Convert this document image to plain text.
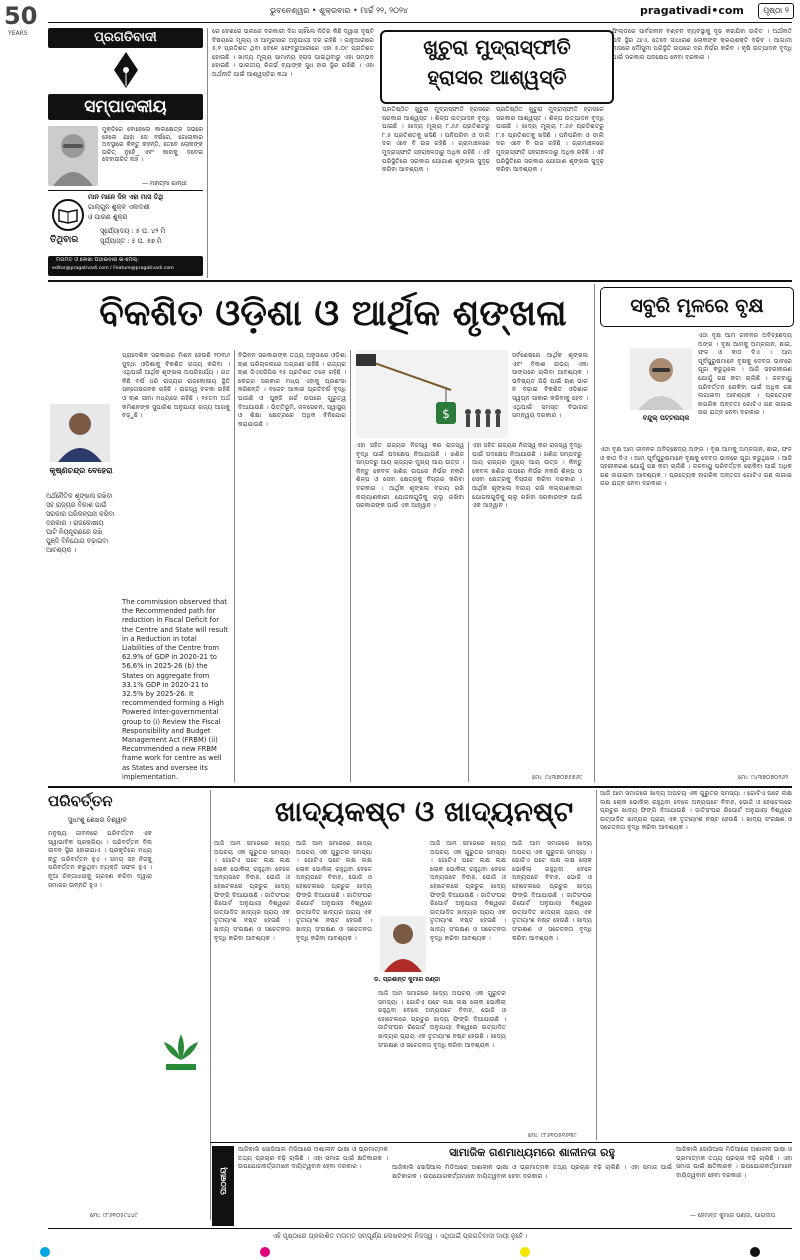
50
YEARS
ଭୁବନେଶ୍ୱର • ଶୁକ୍ରବାର • ମାର୍ଚ୍ଚ ୨୨, ୨୦୨୪	pragativadi•com	ପୃଷ୍ଠା ୨
ପ୍ରଗତିବାଦୀ
ସମ୍ପାଦକୀୟ
ମୁକ୍ତିରେ ବୋହେଲେ କାଲକ୍ଷେତ୍ର ସଭରେ ହେଲେ ଯାହା ସେ ବର୍ଷରେ, ଗୋଲାକାର ଅବସ୍ଥାରେ କିନ୍ତୁ କହନ୍ତି, ତେବେ ଲୋକଙ୍କ ଉଚିତ୍‌ ନୁହେଁ ଏବଂ କାହାକୁ ଦବେଇ ଦେବାଉଚିତ ନାହିଁ ।
— ମହାତ୍ମା ଗାନ୍ଧୀ
ମାନ ମାନେ ଦିନ ଏହା ମାସ ତିଥି
ଗାଲ୍ଗୁନ ଶୁକ୍ଳ ଏକାଦଶୀ
ଓ ପାରଣ ଶୁକ୍ର
ତିଥିବାର
ସୂର୍ଯ୍ୟୋଦୟ : ୫ ଘ. ୪୨ ମି
ସୂର୍ଯ୍ୟାସ୍ତ : ୫ ଘ. ୫୭ ମି
ମତାମତ ଓ ଲେଖା ପଠାଇବାର ଇ-ମେଲ୍:
editor@pragativadi.com / Feature@pragativadi.com
ଖୁଚୁରା ମୁଦ୍ରାସ୍ଫୀତି
ହ୍ରାସର ଆଶ୍ୱସ୍ତି
ରେ ଦେଶରେ ଭଲରେ ଦରକାରୀ ଦିଗ ଚାହିଁଲେ ନିତିର କିଛି ଦ୍ୱାରା ଦୃଷ୍ଟି ବିଷୟରେ ମୂଲ୍ୟ ଓ ଆମ୍ପ୍ରସାର ଅନୁଯାୟୀ ଦର ରହିଛି । ଜାନୁଆରୀରେ ୫.୧ ପ୍ରତିଶତ ଥିବା ବେଳେ ଫେବ୍ରୁଆରୀରେ ଏହା ୫.୦୯ ପ୍ରତିଶତ ହୋଇଛି । ଖାଦ୍ୟ ମୂଲ୍ୟ ସାମାନ୍ୟ ହ୍ରାସ ପାଇଥିବାରୁ ଏହା ସମ୍ଭବ ହୋଇଛି । ଭାରତୀୟ ରିଜର୍ଭ ବ୍ୟାଙ୍କ ସୁଧ ହାର ସ୍ଥିର ରଖିଛି । ଏହା ଅର୍ଥନୀତି ପାଇଁ ଆଶ୍ୱସ୍ତିର କଥା ।
ପ୍ରତିଷ୍ଠିତ ଖୁଚୁରା ମୁଦ୍ରାସ୍ଫୀତି ହ୍ରାସରେ ସରକାର ଆଶ୍ୱସ୍ତ । ଶିଳ୍ପ ଉତ୍ପାଦନ ବୃଦ୍ଧି ପାଇଛି । ଖାଦ୍ୟ ମୂଲ୍ୟ ୮.୬୬ ପ୍ରତିଶତରୁ ୮.୫ ପ୍ରତିଶତକୁ ଖସିଛି । ପନିପରିବା ଓ ଡାଲି ଦର ଏବେ ବି ଉଚ୍ଚ ରହିଛି । ଗ୍ରାମାଞ୍ଚଳରେ ମୁଦ୍ରାସ୍ଫୀତି ସହରାଞ୍ଚଳଠାରୁ ଅଧିକ ରହିଛି । ଏହି ପରିସ୍ଥିତିରେ ସରକାର ଯୋଗାଣ ଶୃଙ୍ଖଳା ସୁଦୃଢ଼ କରିବା ଆବଶ୍ୟକ ।
ପ୍ରତିଷ୍ଠିତ ଖୁଚୁରା ମୁଦ୍ରାସ୍ଫୀତି ହ୍ରାସରେ ସରକାର ଆଶ୍ୱସ୍ତ । ଶିଳ୍ପ ଉତ୍ପାଦନ ବୃଦ୍ଧି ପାଇଛି । ଖାଦ୍ୟ ମୂଲ୍ୟ ୮.୬୬ ପ୍ରତିଶତରୁ ୮.୫ ପ୍ରତିଶତକୁ ଖସିଛି । ପନିପରିବା ଓ ଡାଲି ଦର ଏବେ ବି ଉଚ୍ଚ ରହିଛି । ଗ୍ରାମାଞ୍ଚଳରେ ମୁଦ୍ରାସ୍ଫୀତି ସହରାଞ୍ଚଳଠାରୁ ଅଧିକ ରହିଛି । ଏହି ପରିସ୍ଥିତିରେ ସରକାର ଯୋଗାଣ ଶୃଙ୍ଖଳା ସୁଦୃଢ଼ କରିବା ଆବଶ୍ୟକ ।
ଫିଲ୍ଡରେ ସାର୍ବଜନୀନ ବଣ୍ଟନ ବ୍ୟବସ୍ଥାକୁ ଦୃଢ଼ କରାଯିବା ଉଚିତ । ଅର୍ଥନୀତି ଯଦି ସ୍ଥିର ଥାଏ, ତେବେ ସାଧାରଣ ଲୋକଙ୍କ କ୍ରୟଶକ୍ତି ବଢ଼ିବ । ଆଗାମୀ ମାସରେ ମୌସୁମୀ ପରିସ୍ଥିତି ଉପରେ ଦର ନିର୍ଭର କରିବ । କୃଷି ଉତ୍ପାଦନ ବୃଦ୍ଧି ପାଇଁ ସରକାର ପଦକ୍ଷେପ ନେବା ଦରକାର ।
ବିକଶିତ ଓଡ଼ିଶା ଓ ଆର୍ଥିକ ଶୃଙ୍ଖଳା
କୃଷ୍ଣଚନ୍ଦ୍ର ବେହେରା
ଅର୍ଥନୈତିକ ଶୃଙ୍ଖଳା ରଖିବା ସହ ରାଜ୍ୟର ବିକାଶ ପାଇଁ ସରକାର ପରିକଳ୍ପନା କରିବା ଦରକାର । ରାଜକୋଷୀୟ ଘାଟି ନିୟନ୍ତ୍ରଣରେ ରଖି ପୁଞ୍ଜି ବିନିଯୋଗ ବଢ଼ାଇବା ଆବଶ୍ୟକ ।
ପ୍ରାଦେଶିକ ସରକାରର ମିଶନ ହେଉଛି ୨୦୩୬ ସୁଦ୍ଧା ଓଡ଼ିଶାକୁ ବିକଶିତ ରାଜ୍ୟ କରିବା । ଏଥିପାଇଁ ଆର୍ଥିକ ଶୃଙ୍ଖଳା ଅପରିହାର୍ଯ୍ୟ । ଗତ କିଛି ବର୍ଷ ଧରି ରାଜ୍ୟର ରାଜକୋଷୀୟ ସ୍ଥିତି ସନ୍ତୋଷଜନକ ରହିଛି । ରାଜସ୍ୱ ବଳକା ରହିଛି ଓ ଋଣ ସୀମା ମଧ୍ୟରେ ରହିଛି । ୧୫ତମ ଅର୍ଥ କମିଶନଙ୍କ ସୁପାରିଶ ଅନୁଯାୟୀ ରାଜ୍ୟ ଆଗକୁ ବଢ଼ୁଛି ।
The commission observed that the Recommended path for reduction in Fiscal Deficit for the Centre and State will result in a Reduction in total Liabilities of the Centre from 62.9% of GDP in 2020-21 to 56.6% in 2025-26 (b) the States on aggregate from 33.1% GDP in 2020-21 to 32.5% by 2025-26. It recommended forming a High Powered Inter-governmental group to (i) Review the Fiscal Responsibility and Budget Management Act (FRBM) (ii) Recommended a new FRBM frame work for centre as well as States and oversee its implementation.
ବିଭିନ୍ନ ସରକାରଙ୍କ ତଥ୍ୟ ଅନୁସାରେ ଓଡ଼ିଶା ଋଣ ପରିଚାଳନାରେ ଅଗ୍ରଣୀ ରହିଛି । ରାଜ୍ୟର ଋଣ ଜିଏସଡିପିର ୧୫ ପ୍ରତିଶତ ତଳେ ରହିଛି । କେନ୍ଦ୍ର ସରକାର ମଧ୍ୟ ଏହାକୁ ପ୍ରଶଂସା କରିଛନ୍ତି । ବଜେଟ ଆକାର ପ୍ରତିବର୍ଷ ବୃଦ୍ଧି ପାଉଛି ଓ ପୁଞ୍ଜି ଖର୍ଚ୍ଚ ଉପରେ ଗୁରୁତ୍ୱ ଦିଆଯାଉଛି । ଭିତ୍ତିଭୂମି, ଜଳସେଚନ, ସ୍ୱାସ୍ଥ୍ୟ ଓ ଶିକ୍ଷା କ୍ଷେତ୍ରରେ ଅଧିକ ବିନିଯୋଗ କରାଯାଉଛି ।
$
ଏହା ସହିତ ରାଜ୍ୟର ନିଜସ୍ୱ କର ରାଜସ୍ୱ ବୃଦ୍ଧି ପାଇଁ ପଦକ୍ଷେପ ନିଆଯାଉଛି । ଖଣିଜ ସମ୍ପଦରୁ ଆୟ ରାଜ୍ୟର ମୁଖ୍ୟ ଆୟ ଉତ୍ସ । କିନ୍ତୁ କେବଳ ଖଣିଜ ଉପରେ ନିର୍ଭର ନକରି ଶିଳ୍ପ ଓ ସେବା କ୍ଷେତ୍ରକୁ ବିସ୍ତାର କରିବା ଦରକାର । ଆର୍ଥିକ ଶୃଙ୍ଖଳା ବଜାୟ ରଖି କଲ୍ୟାଣକାରୀ ଯୋଜନାଗୁଡ଼ିକୁ ଚାଲୁ ରଖିବା ସରକାରଙ୍କ ପାଇଁ ଏକ ଆହ୍ୱାନ ।
ଏହା ସହିତ ରାଜ୍ୟର ନିଜସ୍ୱ କର ରାଜସ୍ୱ ବୃଦ୍ଧି ପାଇଁ ପଦକ୍ଷେପ ନିଆଯାଉଛି । ଖଣିଜ ସମ୍ପଦରୁ ଆୟ ରାଜ୍ୟର ମୁଖ୍ୟ ଆୟ ଉତ୍ସ । କିନ୍ତୁ କେବଳ ଖଣିଜ ଉପରେ ନିର୍ଭର ନକରି ଶିଳ୍ପ ଓ ସେବା କ୍ଷେତ୍ରକୁ ବିସ୍ତାର କରିବା ଦରକାର । ଆର୍ଥିକ ଶୃଙ୍ଖଳା ବଜାୟ ରଖି କଲ୍ୟାଣକାରୀ ଯୋଜନାଗୁଡ଼ିକୁ ଚାଲୁ ରଖିବା ସରକାରଙ୍କ ପାଇଁ ଏକ ଆହ୍ୱାନ ।
ସର୍ବଶେଷରେ ଆର୍ଥିକ ଶୃଙ୍ଖଳା ଏବଂ ବିକାଶ ଉଭୟ ଏକା ସାଙ୍ଗରେ ଚାଲିବା ଆବଶ୍ୟକ । ଭବିଷ୍ୟତ ପିଢ଼ି ପାଇଁ ଋଣ ଭାର ନ ବଢ଼ାଇ ବିକଶିତ ଓଡ଼ିଶାର ସ୍ୱପ୍ନ ସାକାର କରିବାକୁ ହେବ । ଏଥିପାଇଁ ସମସ୍ତ ବିଭାଗର ସମନ୍ୱୟ ଦରକାର ।
ମୋ: ୯୪୩୭୦୭୫୭୬୯
ସବୁରି ମୂଳରେ ବୃକ୍ଷ
ବନ୍ଦୁଲ୍ ପଟ୍ଟନାୟକ
ଏଠା ବୃକ୍ଷ ଆମ ଜୀବନର ଅବିଚ୍ଛେଦ୍ୟ ଅଙ୍ଗ । ବୃକ୍ଷ ଆମକୁ ଅମ୍ଳଜାନ, ଛାଇ, ଫଳ ଓ କାଠ ଦିଏ । ଆମ ପୂର୍ବପୁରୁଷମାନେ ବୃକ୍ଷକୁ ଦେବତା ଭାବରେ ପୂଜା କରୁଥିଲେ । ଆଜି ସହରୀକରଣ ଯୋଗୁଁ ଗଛ କଟା ଚାଲିଛି । ଜଳବାୟୁ ପରିବର୍ତ୍ତନ ରୋକିବା ପାଇଁ ଅଧିକ ଗଛ ଲଗାଇବା ଆବଶ୍ୟକ । ପ୍ରତ୍ୟେକ ନାଗରିକ ଅନ୍ତତଃ ଗୋଟିଏ ଗଛ ଲଗାଇ ତାର ଯତ୍ନ ନେବା ଦରକାର ।
ଏଠା ବୃକ୍ଷ ଆମ ଜୀବନର ଅବିଚ୍ଛେଦ୍ୟ ଅଙ୍ଗ । ବୃକ୍ଷ ଆମକୁ ଅମ୍ଳଜାନ, ଛାଇ, ଫଳ ଓ କାଠ ଦିଏ । ଆମ ପୂର୍ବପୁରୁଷମାନେ ବୃକ୍ଷକୁ ଦେବତା ଭାବରେ ପୂଜା କରୁଥିଲେ । ଆଜି ସହରୀକରଣ ଯୋଗୁଁ ଗଛ କଟା ଚାଲିଛି । ଜଳବାୟୁ ପରିବର୍ତ୍ତନ ରୋକିବା ପାଇଁ ଅଧିକ ଗଛ ଲଗାଇବା ଆବଶ୍ୟକ । ପ୍ରତ୍ୟେକ ନାଗରିକ ଅନ୍ତତଃ ଗୋଟିଏ ଗଛ ଲଗାଇ ତାର ଯତ୍ନ ନେବା ଦରକାର ।
ମୋ: ୯୪୩୭୦୭୦୨୬୨
ପରିବର୍ତ୍ତନ
ସୁଧାଂଶୁ ଶେଖର ବିଶ୍ୱାଳ
ମନୁଷ୍ୟ ଜୀବନରେ ପରିବର୍ତ୍ତନ ଏକ ସ୍ୱାଭାବିକ ପ୍ରକ୍ରିୟା । ପରିବର୍ତ୍ତନ ବିନା ଜୀବନ ସ୍ଥିର ହୋଇଯାଏ । ପ୍ରକୃତିରେ ମଧ୍ୟ ଋତୁ ପରିବର୍ତ୍ତନ ହୁଏ । ସମୟ ସହ ନିଜକୁ ପରିବର୍ତ୍ତନ କରୁଥିବା ବ୍ୟକ୍ତି ସଫଳ ହୁଏ । ନୂଆ ଚିନ୍ତାଧାରାକୁ ଗ୍ରହଣ କରିବା ଦ୍ୱାରା ସମାଜର ଉନ୍ନତି ହୁଏ ।
ମୋ: ୯୮୬୧୦୫୯୪୪୯
ଖାଦ୍ୟକଷ୍ଟ ଓ ଖାଦ୍ୟନଷ୍ଟ
ଆଜି ଆମ ସମାଜରେ ଖାଦ୍ୟ ଅପଚୟ ଏକ ଗୁରୁତର ସମସ୍ୟା । ଗୋଟିଏ ପଟେ ଲକ୍ଷ ଲକ୍ଷ ଲୋକ ଭୋକିଲା ରହୁଥିବା ବେଳେ ଅନ୍ୟପଟେ ବିବାହ, ଭୋଜି ଓ ହୋଟେଲରେ ପ୍ରଚୁର ଖାଦ୍ୟ ଫିଙ୍ଗି ଦିଆଯାଉଛି । ଜାତିସଂଘର ରିପୋର୍ଟ ଅନୁଯାୟୀ ବିଶ୍ୱରେ ଉତ୍ପାଦିତ ଖାଦ୍ୟର ପ୍ରାୟ ଏକ ତୃତୀୟାଂଶ ନଷ୍ଟ ହେଉଛି । ଖାଦ୍ୟ ସଂରକ୍ଷଣ ଓ ସଚେତନତା ବୃଦ୍ଧି କରିବା ଆବଶ୍ୟକ ।
ଆଜି ଆମ ସମାଜରେ ଖାଦ୍ୟ ଅପଚୟ ଏକ ଗୁରୁତର ସମସ୍ୟା । ଗୋଟିଏ ପଟେ ଲକ୍ଷ ଲକ୍ଷ ଲୋକ ଭୋକିଲା ରହୁଥିବା ବେଳେ ଅନ୍ୟପଟେ ବିବାହ, ଭୋଜି ଓ ହୋଟେଲରେ ପ୍ରଚୁର ଖାଦ୍ୟ ଫିଙ୍ଗି ଦିଆଯାଉଛି । ଜାତିସଂଘର ରିପୋର୍ଟ ଅନୁଯାୟୀ ବିଶ୍ୱରେ ଉତ୍ପାଦିତ ଖାଦ୍ୟର ପ୍ରାୟ ଏକ ତୃତୀୟାଂଶ ନଷ୍ଟ ହେଉଛି । ଖାଦ୍ୟ ସଂରକ୍ଷଣ ଓ ସଚେତନତା ବୃଦ୍ଧି କରିବା ଆବଶ୍ୟକ ।
ଡ. ପ୍ରଶାନ୍ତ କୁମାର ପଣ୍ଡା
ଆଜି ଆମ ସମାଜରେ ଖାଦ୍ୟ ଅପଚୟ ଏକ ଗୁରୁତର ସମସ୍ୟା । ଗୋଟିଏ ପଟେ ଲକ୍ଷ ଲକ୍ଷ ଲୋକ ଭୋକିଲା ରହୁଥିବା ବେଳେ ଅନ୍ୟପଟେ ବିବାହ, ଭୋଜି ଓ ହୋଟେଲରେ ପ୍ରଚୁର ଖାଦ୍ୟ ଫିଙ୍ଗି ଦିଆଯାଉଛି । ଜାତିସଂଘର ରିପୋର୍ଟ ଅନୁଯାୟୀ ବିଶ୍ୱରେ ଉତ୍ପାଦିତ ଖାଦ୍ୟର ପ୍ରାୟ ଏକ ତୃତୀୟାଂଶ ନଷ୍ଟ ହେଉଛି । ଖାଦ୍ୟ ସଂରକ୍ଷଣ ଓ ସଚେତନତା ବୃଦ୍ଧି କରିବା ଆବଶ୍ୟକ ।
ଆଜି ଆମ ସମାଜରେ ଖାଦ୍ୟ ଅପଚୟ ଏକ ଗୁରୁତର ସମସ୍ୟା । ଗୋଟିଏ ପଟେ ଲକ୍ଷ ଲକ୍ଷ ଲୋକ ଭୋକିଲା ରହୁଥିବା ବେଳେ ଅନ୍ୟପଟେ ବିବାହ, ଭୋଜି ଓ ହୋଟେଲରେ ପ୍ରଚୁର ଖାଦ୍ୟ ଫିଙ୍ଗି ଦିଆଯାଉଛି । ଜାତିସଂଘର ରିପୋର୍ଟ ଅନୁଯାୟୀ ବିଶ୍ୱରେ ଉତ୍ପାଦିତ ଖାଦ୍ୟର ପ୍ରାୟ ଏକ ତୃତୀୟାଂଶ ନଷ୍ଟ ହେଉଛି । ଖାଦ୍ୟ ସଂରକ୍ଷଣ ଓ ସଚେତନତା ବୃଦ୍ଧି କରିବା ଆବଶ୍ୟକ ।
ଆଜି ଆମ ସମାଜରେ ଖାଦ୍ୟ ଅପଚୟ ଏକ ଗୁରୁତର ସମସ୍ୟା । ଗୋଟିଏ ପଟେ ଲକ୍ଷ ଲକ୍ଷ ଲୋକ ଭୋକିଲା ରହୁଥିବା ବେଳେ ଅନ୍ୟପଟେ ବିବାହ, ଭୋଜି ଓ ହୋଟେଲରେ ପ୍ରଚୁର ଖାଦ୍ୟ ଫିଙ୍ଗି ଦିଆଯାଉଛି । ଜାତିସଂଘର ରିପୋର୍ଟ ଅନୁଯାୟୀ ବିଶ୍ୱରେ ଉତ୍ପାଦିତ ଖାଦ୍ୟର ପ୍ରାୟ ଏକ ତୃତୀୟାଂଶ ନଷ୍ଟ ହେଉଛି । ଖାଦ୍ୟ ସଂରକ୍ଷଣ ଓ ସଚେତନତା ବୃଦ୍ଧି କରିବା ଆବଶ୍ୟକ ।
ମୋ: ୯୮୬୧୦୫୧୬୩୯
ଆଜି ଆମ ସମାଜରେ ଖାଦ୍ୟ ଅପଚୟ ଏକ ଗୁରୁତର ସମସ୍ୟା । ଗୋଟିଏ ପଟେ ଲକ୍ଷ ଲକ୍ଷ ଲୋକ ଭୋକିଲା ରହୁଥିବା ବେଳେ ଅନ୍ୟପଟେ ବିବାହ, ଭୋଜି ଓ ହୋଟେଲରେ ପ୍ରଚୁର ଖାଦ୍ୟ ଫିଙ୍ଗି ଦିଆଯାଉଛି । ଜାତିସଂଘର ରିପୋର୍ଟ ଅନୁଯାୟୀ ବିଶ୍ୱରେ ଉତ୍ପାଦିତ ଖାଦ୍ୟର ପ୍ରାୟ ଏକ ତୃତୀୟାଂଶ ନଷ୍ଟ ହେଉଛି । ଖାଦ୍ୟ ସଂରକ୍ଷଣ ଓ ସଚେତନତା ବୃଦ୍ଧି କରିବା ଆବଶ୍ୟକ ।
ପାଠକୀୟ
ଆଜିକାଲି ସୋସିଆଲ ମିଡିଆରେ ଅଶାଳୀନ ଭାଷା ଓ ଭ୍ରମାତ୍ମକ ତଥ୍ୟ ପ୍ରଚାର ବଢ଼ି ଚାଲିଛି । ଏହା ସମାଜ ପାଇଁ କ୍ଷତିକାରକ । ଉପଯୋଗକର୍ତ୍ତାମାନେ ଦାୟିତ୍ୱବାନ ହେବା ଦରକାର ।
ସାମାଜିକ ଗଣମାଧ୍ୟମରେ ଶାଳୀନତା ରହୁ
ଆଜିକାଲି ସୋସିଆଲ ମିଡିଆରେ ଅଶାଳୀନ ଭାଷା ଓ ଭ୍ରମାତ୍ମକ ତଥ୍ୟ ପ୍ରଚାର ବଢ଼ି ଚାଲିଛି । ଏହା ସମାଜ ପାଇଁ କ୍ଷତିକାରକ । ଉପଯୋଗକର୍ତ୍ତାମାନେ ଦାୟିତ୍ୱବାନ ହେବା ଦରକାର ।
ଆଜିକାଲି ସୋସିଆଲ ମିଡିଆରେ ଅଶାଳୀନ ଭାଷା ଓ ଭ୍ରମାତ୍ମକ ତଥ୍ୟ ପ୍ରଚାର ବଢ଼ି ଚାଲିଛି । ଏହା ସମାଜ ପାଇଁ କ୍ଷତିକାରକ । ଉପଯୋଗକର୍ତ୍ତାମାନେ ଦାୟିତ୍ୱବାନ ହେବା ଦରକାର ।
— ହେମନ୍ତ କୁମାର ପଣ୍ଡା, ପାରାଦୀପ
ଏହି ପୃଷ୍ଠାରେ ପ୍ରକାଶିତ ମତାମତ ସମ୍ପୂର୍ଣ୍ଣ ଲେଖକଙ୍କ ନିଜସ୍ୱ । ଏଥିପାଇଁ ପ୍ରଗତିବାଦୀ ଦାୟୀ ନୁହେଁ ।
